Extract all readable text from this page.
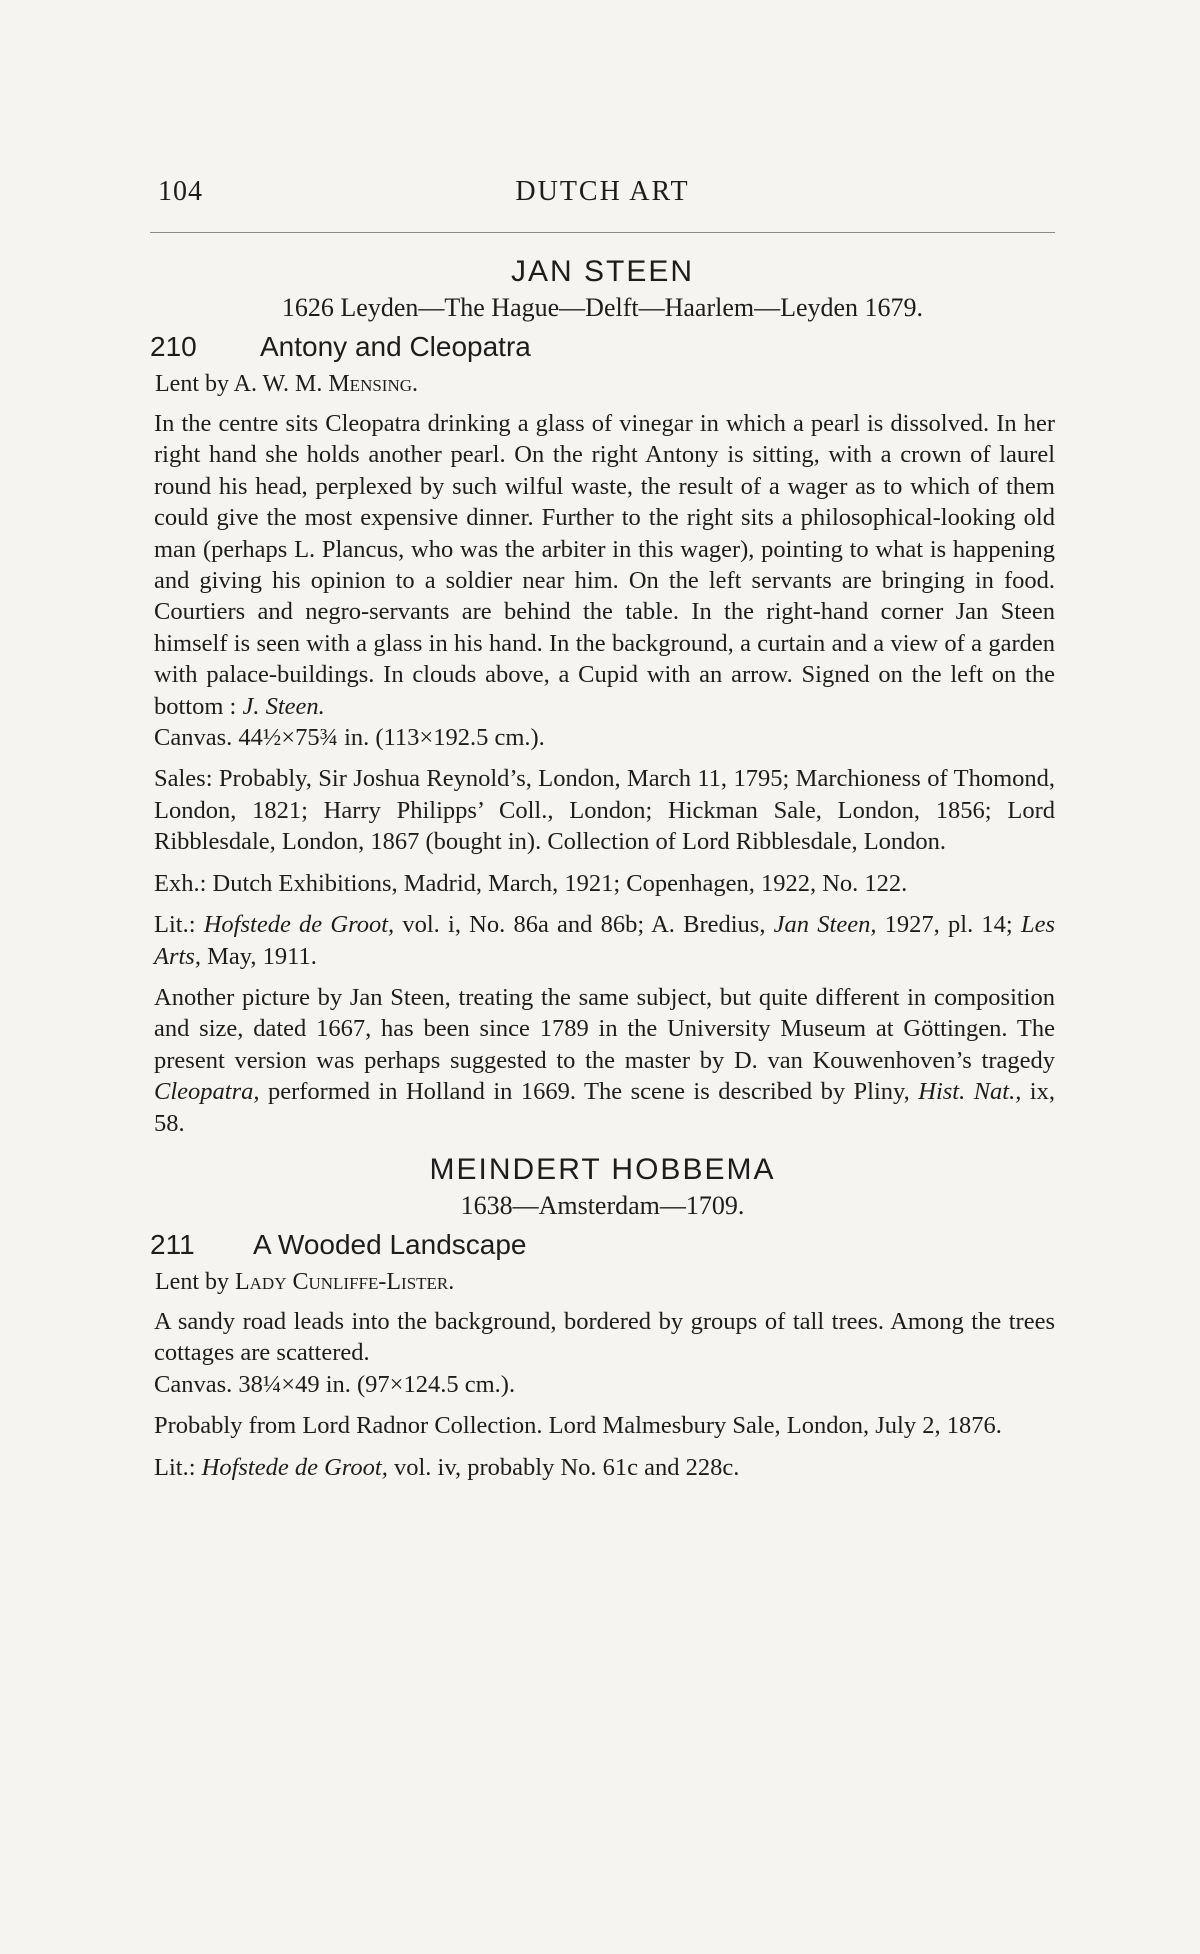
104	DUTCH ART
JAN STEEN
1626 Leyden—The Hague—Delft—Haarlem—Leyden 1679.
210	Antony and Cleopatra
Lent by A. W. M. Mensing.
In the centre sits Cleopatra drinking a glass of vinegar in which a pearl is dissolved. In her right hand she holds another pearl. On the right Antony is sitting, with a crown of laurel round his head, perplexed by such wilful waste, the result of a wager as to which of them could give the most expensive dinner. Further to the right sits a philosophical-looking old man (perhaps L. Plancus, who was the arbiter in this wager), pointing to what is happening and giving his opinion to a soldier near him. On the left servants are bringing in food. Courtiers and negro-servants are behind the table. In the right-hand corner Jan Steen himself is seen with a glass in his hand. In the background, a curtain and a view of a garden with palace-buildings. In clouds above, a Cupid with an arrow. Signed on the left on the bottom : J. Steen.
Canvas. 44½×75¾ in. (113×192.5 cm.).
Sales: Probably, Sir Joshua Reynold’s, London, March 11, 1795; Marchioness of Thomond, London, 1821; Harry Philipps’ Coll., London; Hickman Sale, London, 1856; Lord Ribblesdale, London, 1867 (bought in). Collection of Lord Ribblesdale, London.
Exh.: Dutch Exhibitions, Madrid, March, 1921; Copenhagen, 1922, No. 122.
Lit.: Hofstede de Groot, vol. i, No. 86a and 86b; A. Bredius, Jan Steen, 1927, pl. 14; Les Arts, May, 1911.
Another picture by Jan Steen, treating the same subject, but quite different in composition and size, dated 1667, has been since 1789 in the University Museum at Göttingen. The present version was perhaps suggested to the master by D. van Kouwenhoven’s tragedy Cleopatra, performed in Holland in 1669. The scene is described by Pliny, Hist. Nat., ix, 58.
MEINDERT HOBBEMA
1638—Amsterdam—1709.
211	A Wooded Landscape
Lent by Lady Cunliffe-Lister.
A sandy road leads into the background, bordered by groups of tall trees. Among the trees cottages are scattered.
Canvas. 38¼×49 in. (97×124.5 cm.).
Probably from Lord Radnor Collection. Lord Malmesbury Sale, London, July 2, 1876.
Lit.: Hofstede de Groot, vol. iv, probably No. 61c and 228c.
